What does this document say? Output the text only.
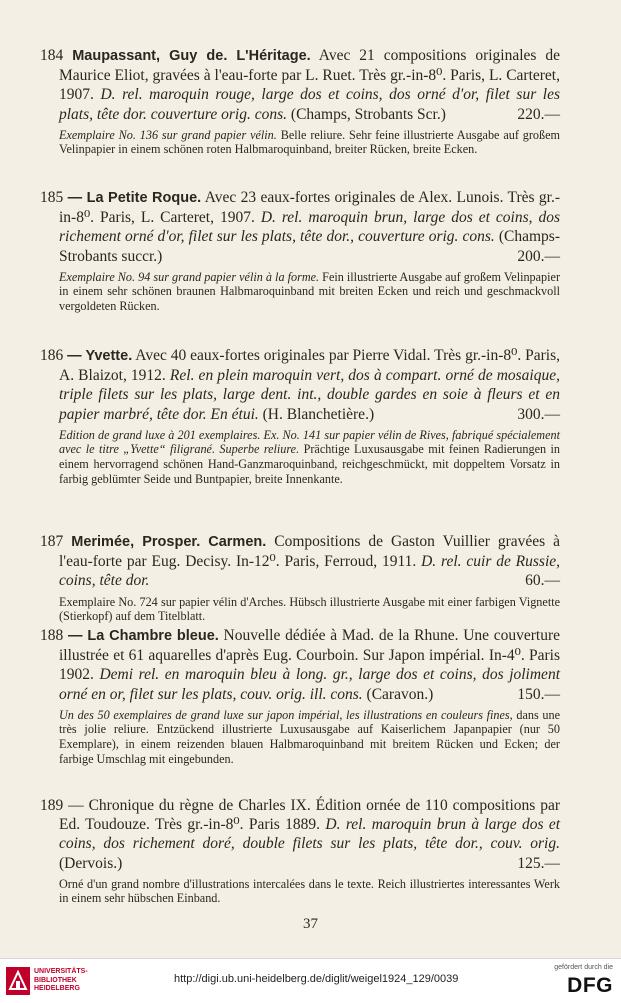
184 Maupassant, Guy de. L'Héritage. Avec 21 compositions originales de Maurice Eliot, gravées à l'eau-forte par L. Ruet. Très gr.-in-8⁰. Paris, L. Carteret, 1907. D. rel. maroquin rouge, large dos et coins, dos orné d'or, filet sur les plats, tête dor. couverture orig. cons. (Champs, Strobants Scr.)	220.—

Exemplaire No. 136 sur grand papier vélin. Belle reliure. Sehr feine illustrierte Ausgabe auf großem Velinpapier in einem schönen roten Halbmaroquinband, breiter Rücken, breite Ecken.

185 — La Petite Roque. Avec 23 eaux-fortes originales de Alex. Lunois. Très gr.-in-8⁰. Paris, L. Carteret, 1907. D. rel. maroquin brun, large dos et coins, dos richement orné d'or, filet sur les plats, tête dor., couverture orig. cons. (Champs-Strobants succr.)	200.—

Exemplaire No. 94 sur grand papier vélin à la forme. Fein illustrierte Ausgabe auf großem Velinpapier in einem sehr schönen braunen Halbmaroquinband mit breiten Ecken und reich und geschmackvoll vergoldeten Rücken.

186 — Yvette. Avec 40 eaux-fortes originales par Pierre Vidal. Très gr.-in-8⁰. Paris, A. Blaizot, 1912. Rel. en plein maroquin vert, dos à compart. orné de mosaique, triple filets sur les plats, large dent. int., double gardes en soie à fleurs et en papier marbré, tête dor. En étui. (H. Blanchetière.)	300.—

Edition de grand luxe à 201 exemplaires. Ex. No. 141 sur papier vélin de Rives, fabriqué spécialement avec le titre „Yvette“ filigrané. Superbe reliure. Prächtige Luxusausgabe mit feinen Radierungen in einem hervorragend schönen Hand-Ganzmaroquinband, reichgeschmückt, mit doppeltem Vorsatz in farbig geblümter Seide und Buntpapier, breite Innenkante.

187 Merimée, Prosper. Carmen. Compositions de Gaston Vuillier gravées à l'eau-forte par Eug. Decisy. In-12⁰. Paris, Ferroud, 1911. D. rel. cuir de Russie, coins, tête dor.	60.—

Exemplaire No. 724 sur papier vélin d'Arches. Hübsch illustrierte Ausgabe mit einer farbigen Vignette (Stierkopf) auf dem Titelblatt.

188 — La Chambre bleue. Nouvelle dédiée à Mad. de la Rhune. Une couverture illustrée et 61 aquarelles d'après Eug. Courboin. Sur Japon impérial. In-4⁰. Paris 1902. Demi rel. en maroquin bleu à long. gr., large dos et coins, dos joliment orné en or, filet sur les plats, couv. orig. ill. cons. (Caravon.)	150.—

Un des 50 exemplaires de grand luxe sur japon impérial, les illustrations en couleurs fines, dans une très jolie reliure. Entzückend illustrierte Luxusausgabe auf Kaiserlichem Japanpapier (nur 50 Exemplare), in einem reizenden blauen Halbmaroquinband mit breitem Rücken und Ecken; der farbige Umschlag mit eingebunden.

189 — Chronique du règne de Charles IX. Édition ornée de 110 compositions par Ed. Toudouze. Très gr.-in-8⁰. Paris 1889. D. rel. maroquin brun à large dos et coins, dos richement doré, double filets sur les plats, tête dor., couv. orig. (Dervois.)	125.—

Orné d'un grand nombre d'illustrations intercalées dans le texte. Reich illustriertes interessantes Werk in einem sehr hübschen Einband.

37
UNIVERSITÄTS-
BIBLIOTHEK
HEIDELBERG
http://digi.ub.uni-heidelberg.de/diglit/weigel1924_129/0039
gefördert durch die
DFG
